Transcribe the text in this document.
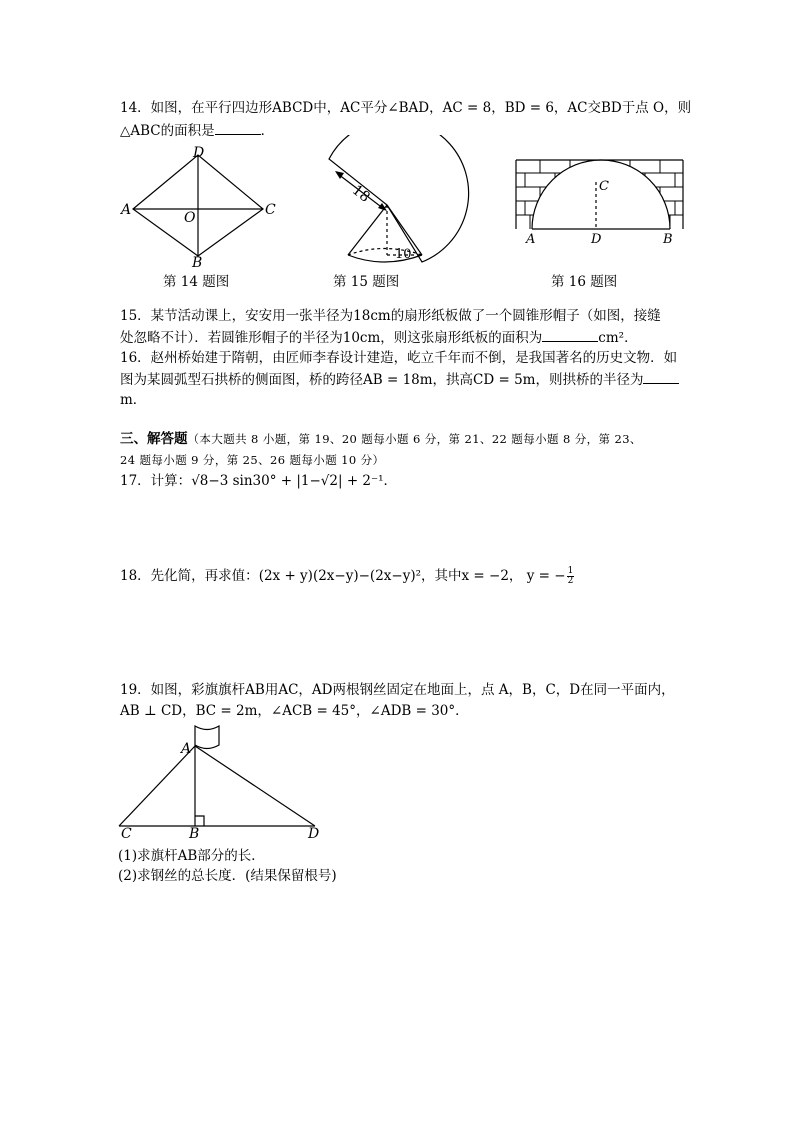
14．如图，在平行四边形ABCD中，AC平分∠BAD，AC = 8，BD = 6，AC交BD于点 O，则
△ABC的面积是	．
A	C
D
B
O
第 14 题图
18
10
第 15 题图
A	B
C
D
第 16 题图
15．某节活动课上，安安用一张半径为18cm的扇形纸板做了一个圆锥形帽子（如图，接缝
处忽略不计）．若圆锥形帽子的半径为10cm，则这张扇形纸板的面积为	cm²．
16．赵州桥始建于隋朝，由匠师李春设计建造，屹立千年而不倒，是我国著名的历史文物．如
图为某圆弧型石拱桥的侧面图，桥的跨径AB = 18m，拱高CD = 5m，则拱桥的半径为
m．
三、解答题（本大题共 8 小题，第 19、20 题每小题 6 分，第 21、22 题每小题 8 分，第 23、
24 题每小题 9 分，第 25、26 题每小题 10 分）
17．计算：√8−3 sin30° + |1−√2| + 2⁻¹．
18．先化简，再求值：(2x + y)(2x−y)−(2x−y)²，其中x = −2， y = − $\frac{1}{2}$
19．如图，彩旗旗杆AB用AC，AD两根钢丝固定在地面上，点 A，B，C，D在同一平面内，
AB ⊥ CD，BC = 2m，∠ACB = 45°，∠ADB = 30°．
A
B
C	D
(1)求旗杆AB部分的长．
(2)求钢丝的总长度．(结果保留根号)
